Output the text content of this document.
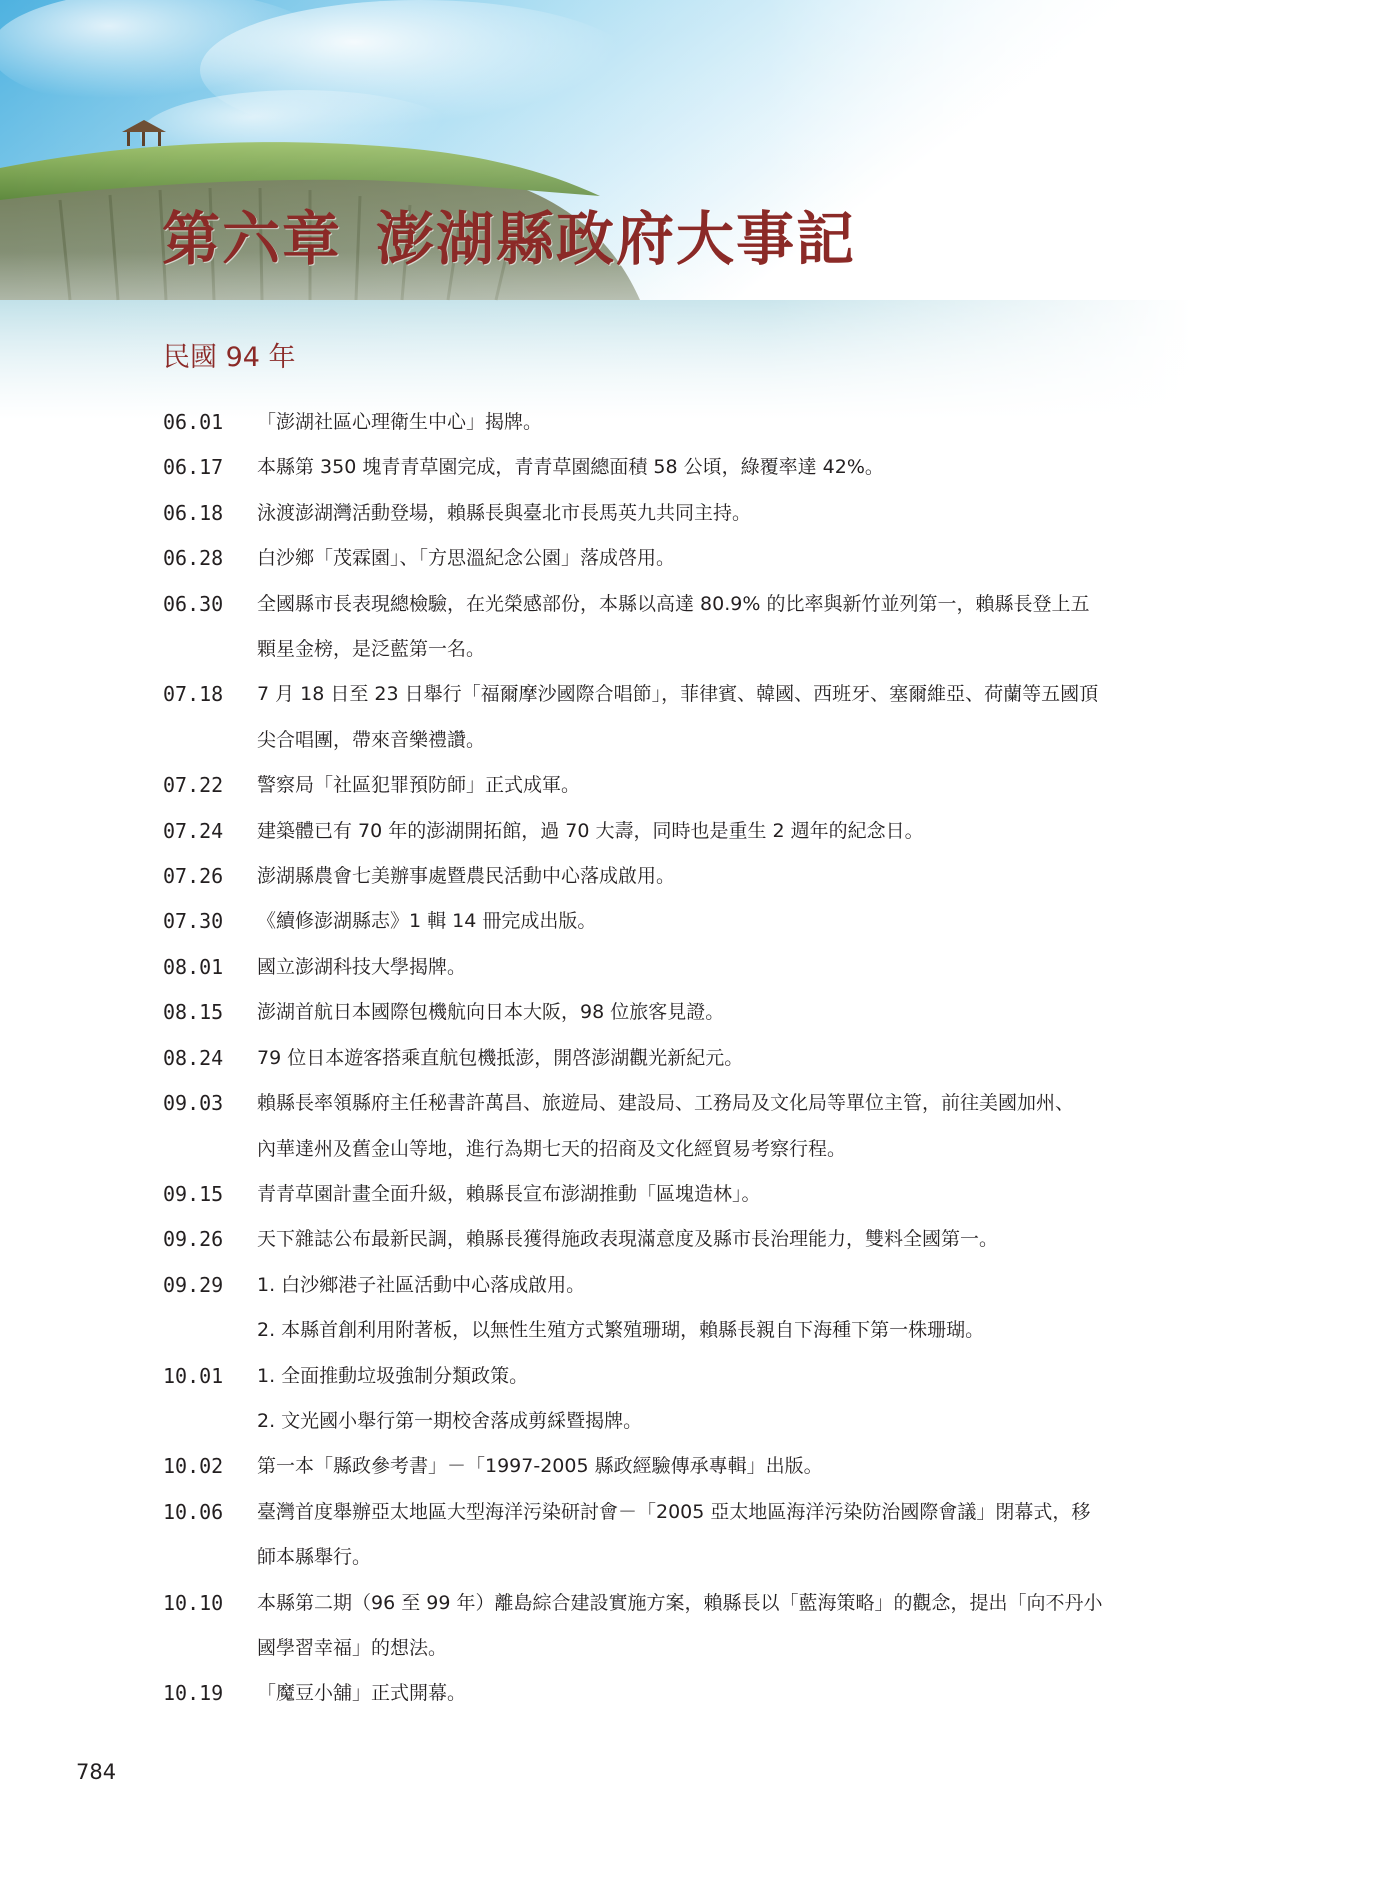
第六章 澎湖縣政府大事記
民國 94 年
06.01	「澎湖社區心理衛生中心」揭牌。
06.17	本縣第 350 塊青青草園完成，青青草園總面積 58 公頃，綠覆率達 42%。
06.18	泳渡澎湖灣活動登場，賴縣長與臺北市長馬英九共同主持。
06.28	白沙鄉「茂霖園」、「方思溫紀念公園」落成啓用。
06.30	全國縣市長表現總檢驗，在光榮感部份，本縣以高達 80.9% 的比率與新竹並列第一，賴縣長登上五
顆星金榜，是泛藍第一名。
07.18	7 月 18 日至 23 日舉行「福爾摩沙國際合唱節」，菲律賓、韓國、西班牙、塞爾維亞、荷蘭等五國頂
尖合唱團，帶來音樂禮讚。
07.22	警察局「社區犯罪預防師」正式成軍。
07.24	建築體已有 70 年的澎湖開拓館，過 70 大壽，同時也是重生 2 週年的紀念日。
07.26	澎湖縣農會七美辦事處暨農民活動中心落成啟用。
07.30	《續修澎湖縣志》1 輯 14 冊完成出版。
08.01	國立澎湖科技大學揭牌。
08.15	澎湖首航日本國際包機航向日本大阪，98 位旅客見證。
08.24	79 位日本遊客搭乘直航包機抵澎，開啓澎湖觀光新紀元。
09.03	賴縣長率領縣府主任秘書許萬昌、旅遊局、建設局、工務局及文化局等單位主管，前往美國加州、
內華達州及舊金山等地，進行為期七天的招商及文化經貿易考察行程。
09.15	青青草園計畫全面升級，賴縣長宣布澎湖推動「區塊造林」。
09.26	天下雜誌公布最新民調，賴縣長獲得施政表現滿意度及縣市長治理能力，雙料全國第一。
09.29	1. 白沙鄉港子社區活動中心落成啟用。
2. 本縣首創利用附著板，以無性生殖方式繁殖珊瑚，賴縣長親自下海種下第一株珊瑚。
10.01	1. 全面推動垃圾強制分類政策。
2. 文光國小舉行第一期校舍落成剪綵暨揭牌。
10.02	第一本「縣政參考書」－「1997-2005 縣政經驗傳承專輯」出版。
10.06	臺灣首度舉辦亞太地區大型海洋污染研討會－「2005 亞太地區海洋污染防治國際會議」閉幕式，移
師本縣舉行。
10.10	本縣第二期（96 至 99 年）離島綜合建設實施方案，賴縣長以「藍海策略」的觀念，提出「向不丹小
國學習幸福」的想法。
10.19	「魔豆小舖」正式開幕。
784
